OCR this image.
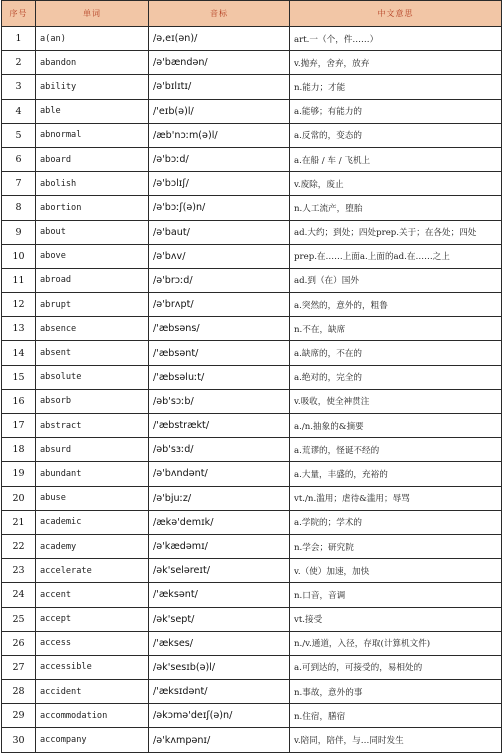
序号	单词	音标	中文意思
1	a(an)	/ə,eɪ(ən)/	art.一（个，件……）
2	abandon	/ə'bændən/	v.抛弃，舍弃，放弃
3	ability	/ə'bɪlɪtɪ/	n.能力；才能
4	able	/'eɪb(ə)l/	a.能够；有能力的
5	abnormal	/æb'nɔːm(ə)l/	a.反常的，变态的
6	aboard	/ə'bɔːd/	a.在船 / 车 / 飞机上
7	abolish	/ə'bɔlɪʃ/	v.废除，废止
8	abortion	/ə'bɔːʃ(ə)n/	n.人工流产，堕胎
9	about	/ə'baut/	ad.大约；到处；四处prep.关于；在各处；四处
10	above	/ə'bʌv/	prep.在……上面a.上面的ad.在……之上
11	abroad	/ə'brɔːd/	ad.到（在）国外
12	abrupt	/ə'brʌpt/	a.突然的，意外的，粗鲁
13	absence	/'æbsəns/	n.不在，缺席
14	absent	/'æbsənt/	a.缺席的，不在的
15	absolute	/'æbsəluːt/	a.绝对的，完全的
16	absorb	/əb'sɔːb/	v.吸收，使全神贯注
17	abstract	/'æbstrækt/	a./n.抽象的&摘要
18	absurd	/əb'sɜːd/	a.荒谬的，怪诞不经的
19	abundant	/ə'bʌndənt/	a.大量，丰盛的，充裕的
20	abuse	/ə'bjuːz/	vt./n.滥用；虐待&滥用；辱骂
21	academic	/ækə'demɪk/	a.学院的；学术的
22	academy	/ə'kædəmɪ/	n.学会；研究院
23	accelerate	/ək'seləreɪt/	v.（使）加速，加快
24	accent	/'æksənt/	n.口音，音调
25	accept	/ək'sept/	vt.接受
26	access	/'ækses/	n./v.通道，入径，存取(计算机文件)
27	accessible	/ək'sesɪb(ə)l/	a.可到达的，可接受的，易相处的
28	accident	/'æksɪdənt/	n.事故，意外的事
29	accommodation	/əkɔmə'deɪʃ(ə)n/	n.住宿，膳宿
30	accompany	/ə'kʌmpənɪ/	v.陪同，陪伴，与…同时发生
